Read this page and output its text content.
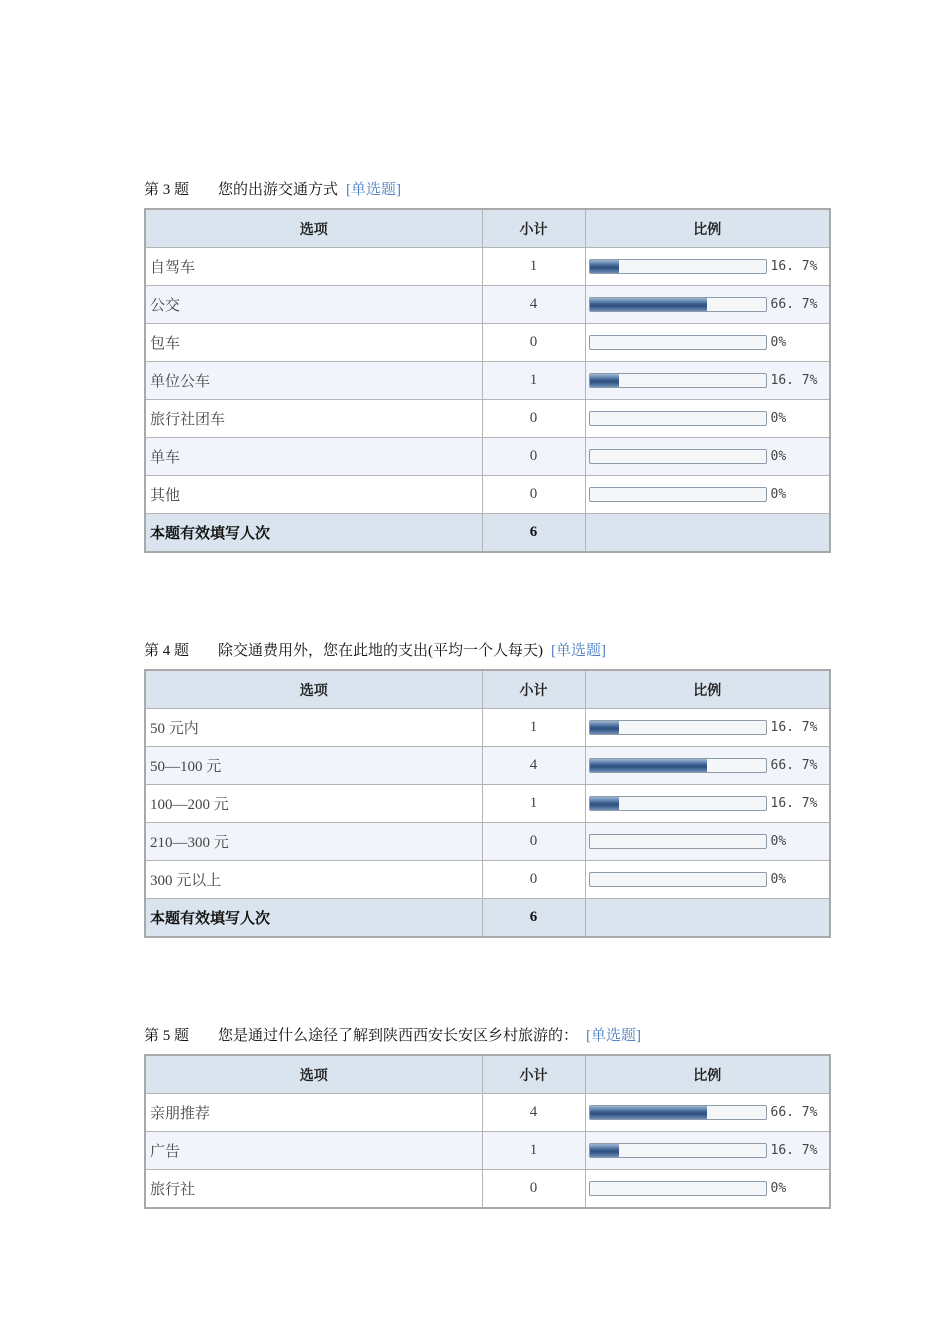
第 3 题 您的出游交通方式 [单选题]
选项	小计	比例
自驾车	1	16. 7%
公交	4	66. 7%
包车	0	0%
单位公车	1	16. 7%
旅行社团车	0	0%
单车	0	0%
其他	0	0%
本题有效填写人次	6	
第 4 题 除交通费用外，您在此地的支出(平均一个人每天) [单选题]
选项	小计	比例
50 元内	1	16. 7%
50—100 元	4	66. 7%
100—200 元	1	16. 7%
210—300 元	0	0%
300 元以上	0	0%
本题有效填写人次	6	
第 5 题 您是通过什么途径了解到陕西西安长安区乡村旅游的： [单选题]
选项	小计	比例
亲朋推荐	4	66. 7%
广告	1	16. 7%
旅行社	0	0%
